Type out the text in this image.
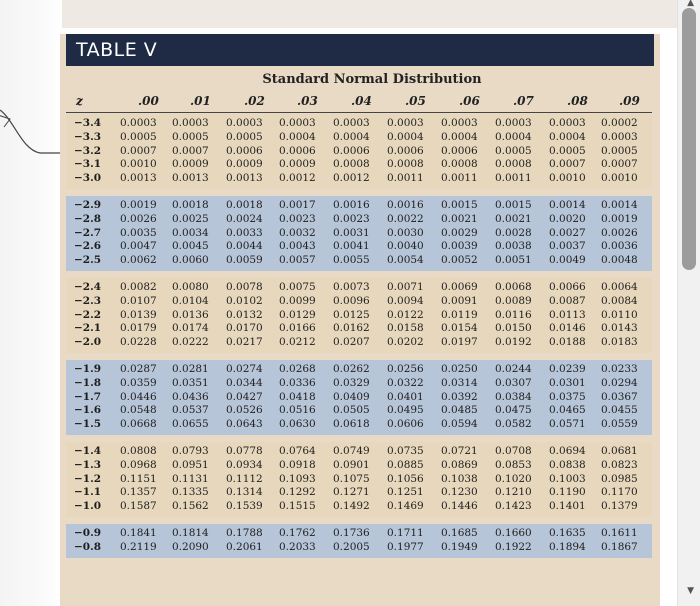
TABLE V
Standard Normal Distribution
z	.00	.01	.02	.03	.04	.05	.06	.07	.08	.09
−3.4 0.0003 0.0003 0.0003 0.0003 0.0003 0.0003 0.0003 0.0003 0.0003 0.0002
−3.3 0.0005 0.0005 0.0005 0.0004 0.0004 0.0004 0.0004 0.0004 0.0004 0.0003
−3.2 0.0007 0.0007 0.0006 0.0006 0.0006 0.0006 0.0006 0.0005 0.0005 0.0005
−3.1 0.0010 0.0009 0.0009 0.0009 0.0008 0.0008 0.0008 0.0008 0.0007 0.0007
−3.0 0.0013 0.0013 0.0013 0.0012 0.0012 0.0011 0.0011 0.0011 0.0010 0.0010
−2.9 0.0019 0.0018 0.0018 0.0017 0.0016 0.0016 0.0015 0.0015 0.0014 0.0014
−2.8 0.0026 0.0025 0.0024 0.0023 0.0023 0.0022 0.0021 0.0021 0.0020 0.0019
−2.7 0.0035 0.0034 0.0033 0.0032 0.0031 0.0030 0.0029 0.0028 0.0027 0.0026
−2.6 0.0047 0.0045 0.0044 0.0043 0.0041 0.0040 0.0039 0.0038 0.0037 0.0036
−2.5 0.0062 0.0060 0.0059 0.0057 0.0055 0.0054 0.0052 0.0051 0.0049 0.0048
−2.4 0.0082 0.0080 0.0078 0.0075 0.0073 0.0071 0.0069 0.0068 0.0066 0.0064
−2.3 0.0107 0.0104 0.0102 0.0099 0.0096 0.0094 0.0091 0.0089 0.0087 0.0084
−2.2 0.0139 0.0136 0.0132 0.0129 0.0125 0.0122 0.0119 0.0116 0.0113 0.0110
−2.1 0.0179 0.0174 0.0170 0.0166 0.0162 0.0158 0.0154 0.0150 0.0146 0.0143
−2.0 0.0228 0.0222 0.0217 0.0212 0.0207 0.0202 0.0197 0.0192 0.0188 0.0183
−1.9 0.0287 0.0281 0.0274 0.0268 0.0262 0.0256 0.0250 0.0244 0.0239 0.0233
−1.8 0.0359 0.0351 0.0344 0.0336 0.0329 0.0322 0.0314 0.0307 0.0301 0.0294
−1.7 0.0446 0.0436 0.0427 0.0418 0.0409 0.0401 0.0392 0.0384 0.0375 0.0367
−1.6 0.0548 0.0537 0.0526 0.0516 0.0505 0.0495 0.0485 0.0475 0.0465 0.0455
−1.5 0.0668 0.0655 0.0643 0.0630 0.0618 0.0606 0.0594 0.0582 0.0571 0.0559
−1.4 0.0808 0.0793 0.0778 0.0764 0.0749 0.0735 0.0721 0.0708 0.0694 0.0681
−1.3 0.0968 0.0951 0.0934 0.0918 0.0901 0.0885 0.0869 0.0853 0.0838 0.0823
−1.2 0.1151 0.1131 0.1112 0.1093 0.1075 0.1056 0.1038 0.1020 0.1003 0.0985
−1.1 0.1357 0.1335 0.1314 0.1292 0.1271 0.1251 0.1230 0.1210 0.1190 0.1170
−1.0 0.1587 0.1562 0.1539 0.1515 0.1492 0.1469 0.1446 0.1423 0.1401 0.1379
−0.9 0.1841 0.1814 0.1788 0.1762 0.1736 0.1711 0.1685 0.1660 0.1635 0.1611
−0.8 0.2119 0.2090 0.2061 0.2033 0.2005 0.1977 0.1949 0.1922 0.1894 0.1867
▲
▼
